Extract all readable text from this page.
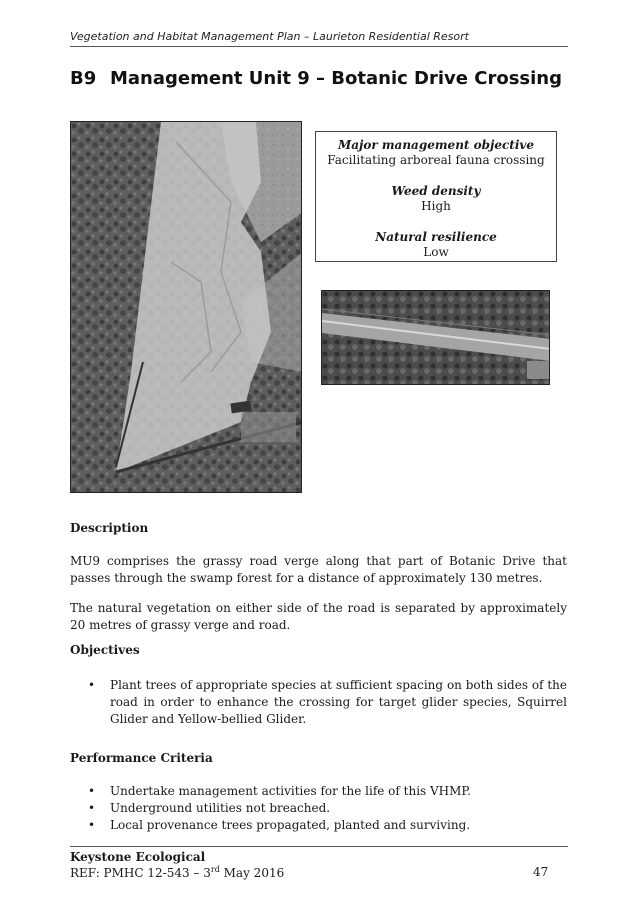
Vegetation and Habitat Management Plan – Laurieton Residential Resort
B9 Management Unit 9 – Botanic Drive Crossing
Major management objective
Facilitating arboreal fauna crossing
Weed density
High
Natural resilience
Low
Description
MU9 comprises the grassy road verge along that part of Botanic Drive that passes through the swamp forest for a distance of approximately 130 metres.
The natural vegetation on either side of the road is separated by approximately 20 metres of grassy verge and road.
Objectives
• Plant trees of appropriate species at sufficient spacing on both sides of the road in order to enhance the crossing for target glider species, Squirrel Glider and Yellow-bellied Glider.
Performance Criteria
• Undertake management activities for the life of this VHMP.
• Underground utilities not breached.
• Local provenance trees propagated, planted and surviving.
Keystone Ecological
REF: PMHC 12-543 – 3rd May 2016	47
